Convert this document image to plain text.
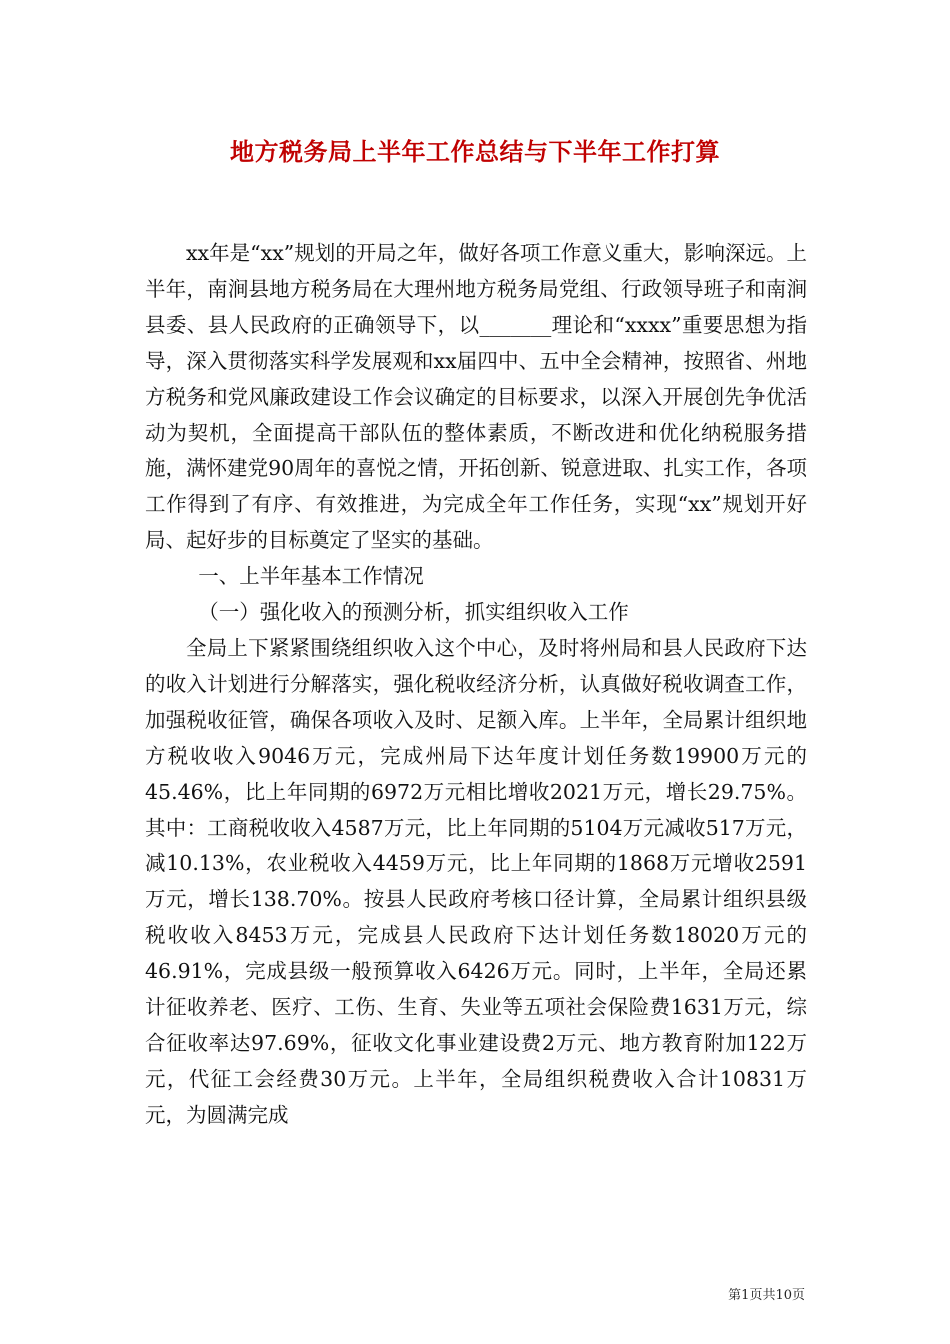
地方税务局上半年工作总结与下半年工作打算

xx年是“xx”规划的开局之年，做好各项工作意义重大，影响深远。上半年，南涧县地方税务局在大理州地方税务局党组、行政领导班子和南涧县委、县人民政府的正确领导下，以_______理论和“xxxx”重要思想为指导，深入贯彻落实科学发展观和xx届四中、五中全会精神，按照省、州地方税务和党风廉政建设工作会议确定的目标要求，以深入开展创先争优活动为契机，全面提高干部队伍的整体素质，不断改进和优化纳税服务措施，满怀建党90周年的喜悦之情，开拓创新、锐意进取、扎实工作，各项工作得到了有序、有效推进，为完成全年工作任务，实现“xx”规划开好局、起好步的目标奠定了坚实的基础。

一、上半年基本工作情况

（一）强化收入的预测分析，抓实组织收入工作

全局上下紧紧围绕组织收入这个中心，及时将州局和县人民政府下达的收入计划进行分解落实，强化税收经济分析，认真做好税收调查工作，加强税收征管，确保各项收入及时、足额入库。上半年，全局累计组织地方税收收入9046万元，完成州局下达年度计划任务数19900万元的45.46%，比上年同期的6972万元相比增收2021万元，增长29.75%。其中：工商税收收入4587万元，比上年同期的5104万元减收517万元，减10.13%，农业税收入4459万元，比上年同期的1868万元增收2591万元，增长138.70%。按县人民政府考核口径计算，全局累计组织县级税收收入8453万元，完成县人民政府下达计划任务数18020万元的46.91%，完成县级一般预算收入6426万元。同时，上半年，全局还累计征收养老、医疗、工伤、生育、失业等五项社会保险费1631万元，综合征收率达97.69%，征收文化事业建设费2万元、地方教育附加122万元，代征工会经费30万元。上半年，全局组织税费收入合计10831万元，为圆满完成

第1页共10页
